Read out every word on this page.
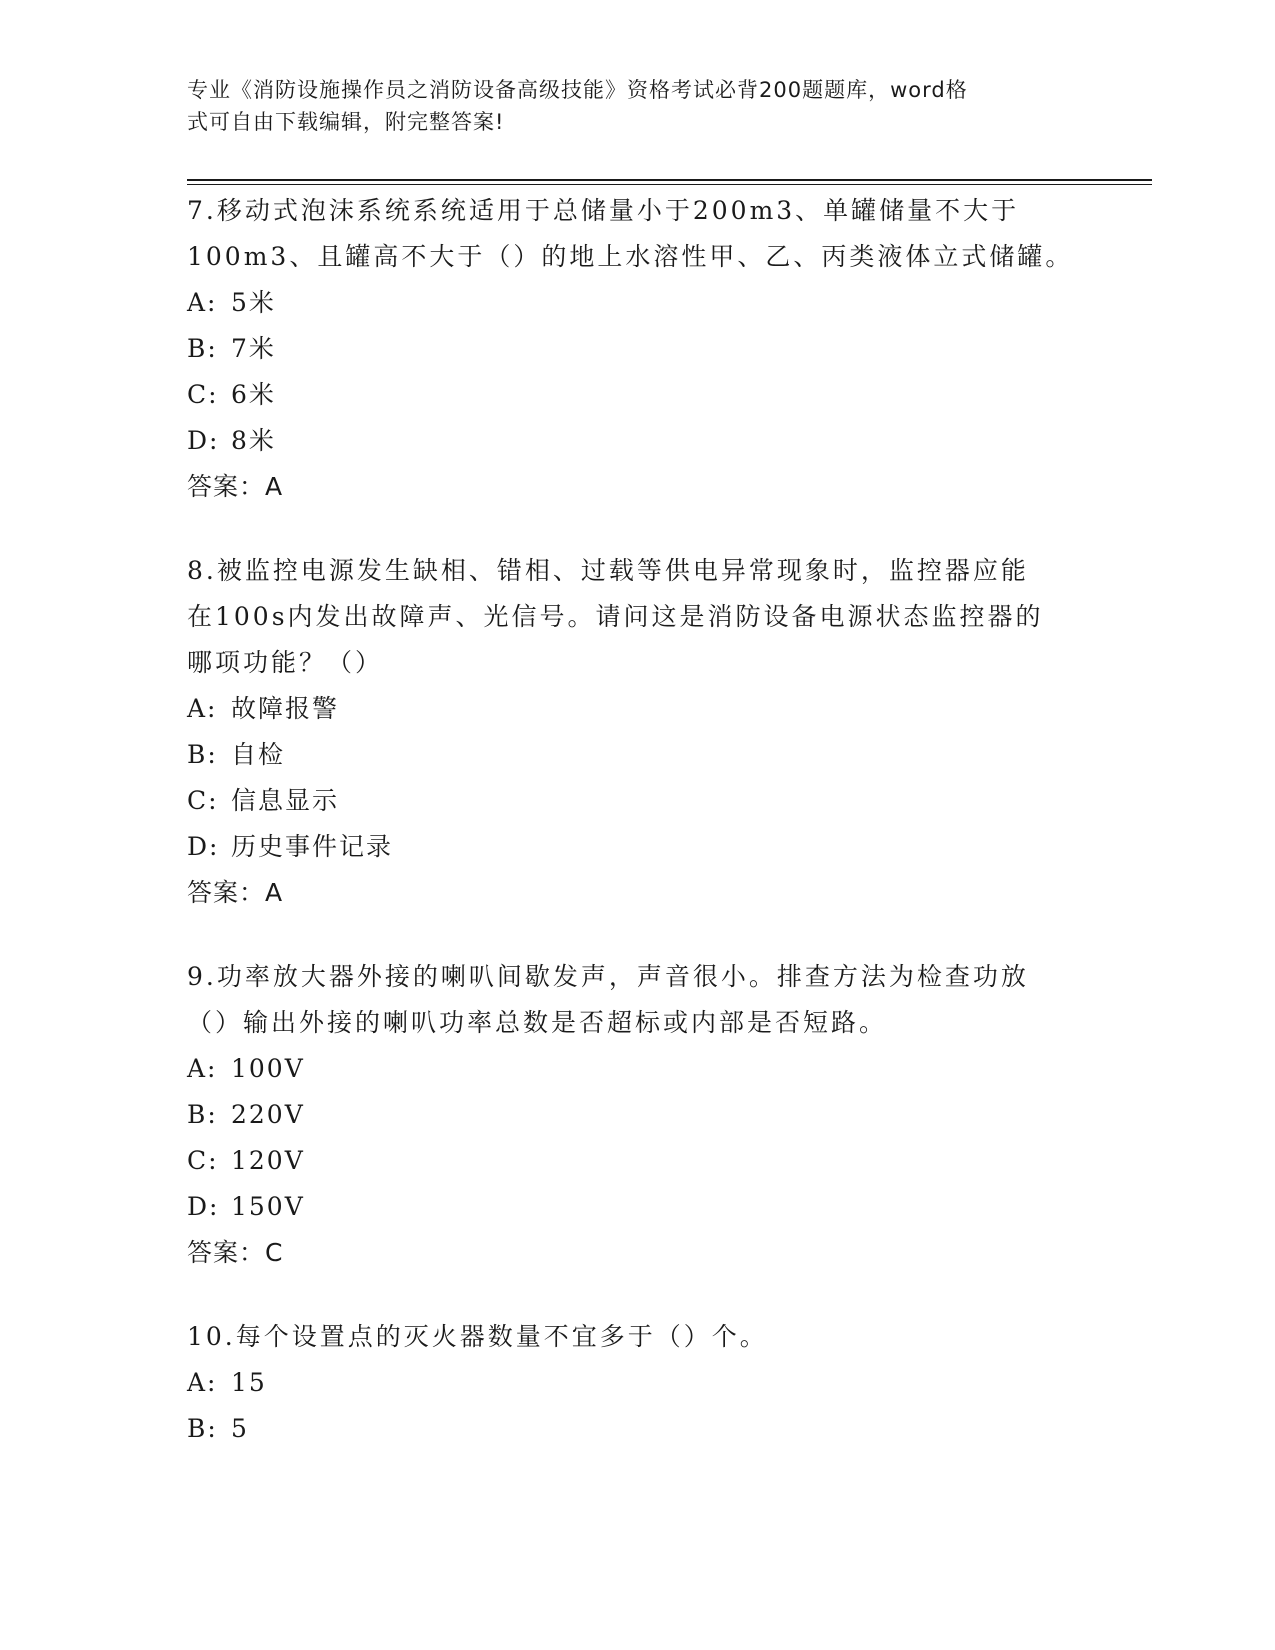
专业《消防设施操作员之消防设备高级技能》资格考试必背200题题库，word格
式可自由下载编辑，附完整答案!

7.移动式泡沫系统系统适用于总储量小于200m3、单罐储量不大于

100m3、且罐高不大于（）的地上水溶性甲、乙、丙类液体立式储罐。

A: 5米

B: 7米

C: 6米

D: 8米

答案：A

8.被监控电源发生缺相、错相、过载等供电异常现象时，监控器应能

在100s内发出故障声、光信号。请问这是消防设备电源状态监控器的

哪项功能？（）

A: 故障报警

B: 自检

C: 信息显示

D: 历史事件记录

答案：A

9.功率放大器外接的喇叭间歇发声，声音很小。排查方法为检查功放

（）输出外接的喇叭功率总数是否超标或内部是否短路。

A: 100V

B: 220V

C: 120V

D: 150V

答案：C

10.每个设置点的灭火器数量不宜多于（）个。

A: 15

B: 5
